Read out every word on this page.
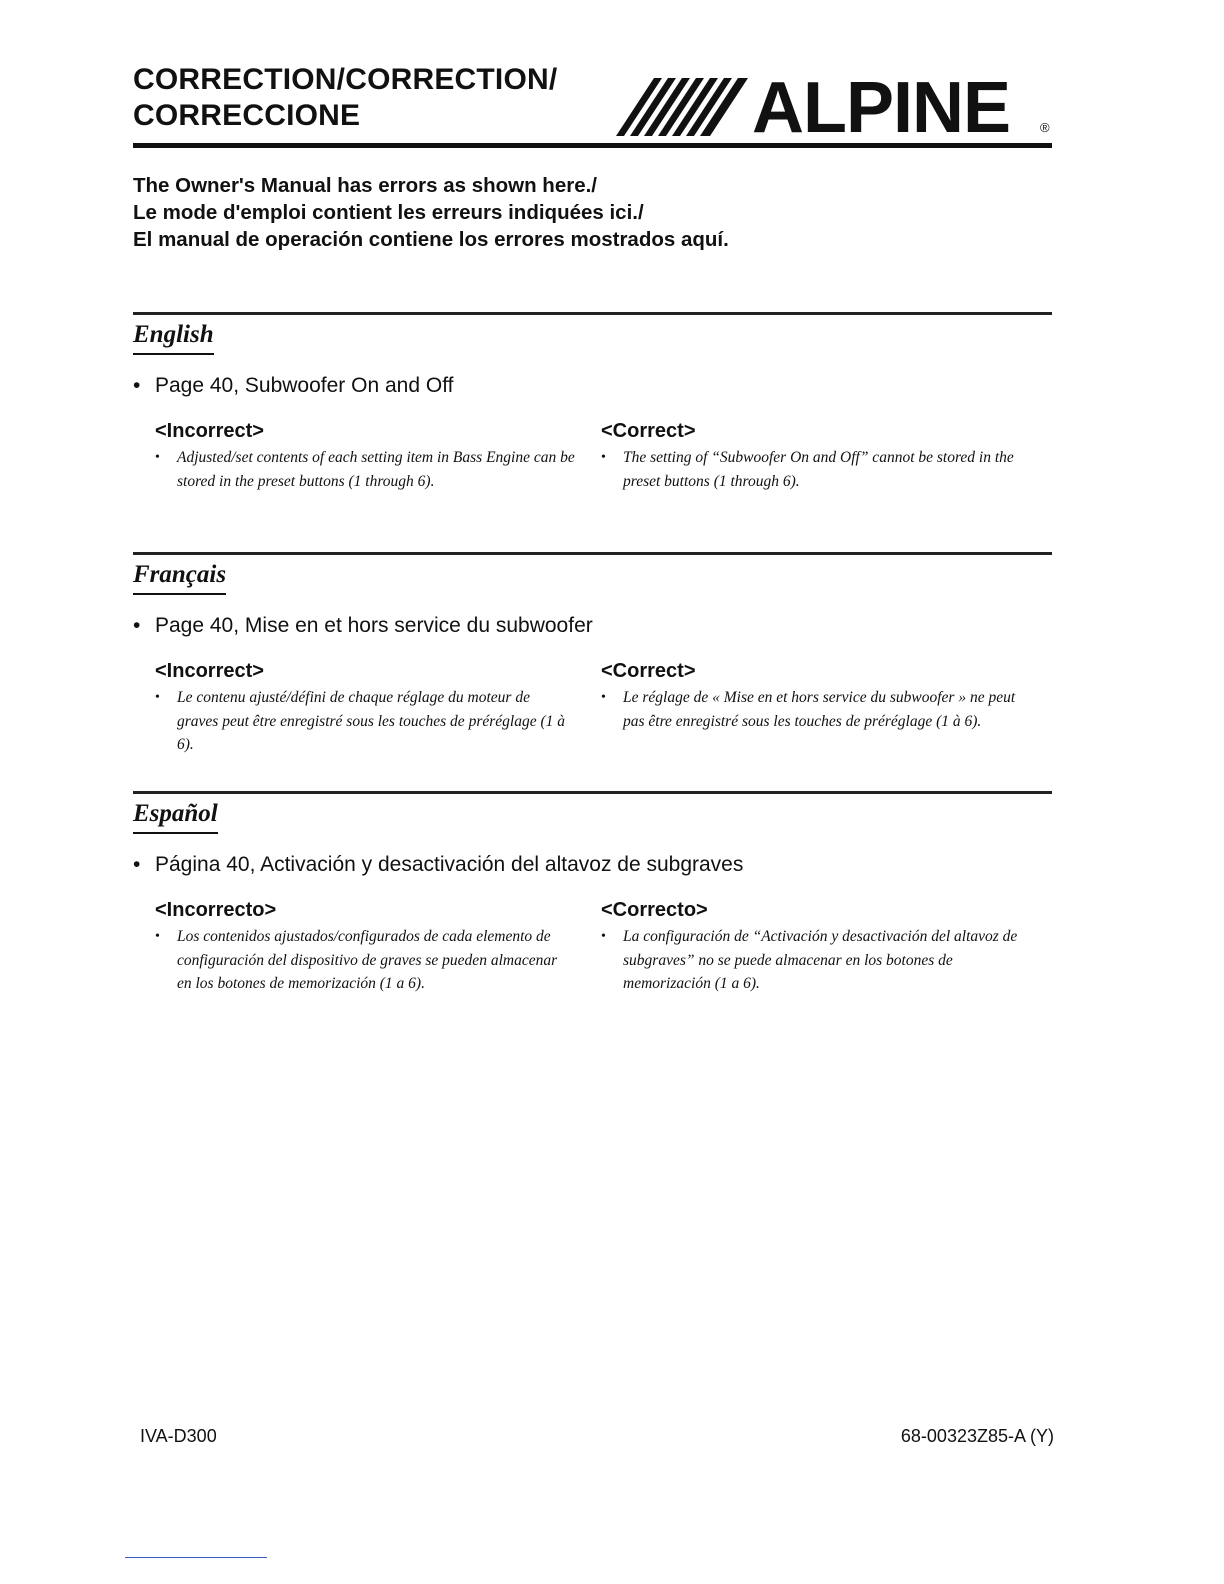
CORRECTION/CORRECTION/
CORRECCIONE	ALPINE ®
The Owner's Manual has errors as shown here./
Le mode d'emploi contient les erreurs indiquées ici./
El manual de operación contiene los errores mostrados aquí.
English
• Page 40, Subwoofer On and Off
<Incorrect>
• Adjusted/set contents of each setting item in Bass Engine can be stored in the preset buttons (1 through 6).
<Correct>
• The setting of “Subwoofer On and Off” cannot be stored in the preset buttons (1 through 6).
Français
• Page 40, Mise en et hors service du subwoofer
<Incorrect>
• Le contenu ajusté/défini de chaque réglage du moteur de graves peut être enregistré sous les touches de préréglage (1 à 6).
<Correct>
• Le réglage de « Mise en et hors service du subwoofer » ne peut pas être enregistré sous les touches de préréglage (1 à 6).
Español
• Página 40, Activación y desactivación del altavoz de subgraves
<Incorrecto>
• Los contenidos ajustados/configurados de cada elemento de configuración del dispositivo de graves se pueden almacenar en los botones de memorización (1 a 6).
<Correcto>
• La configuración de “Activación y desactivación del altavoz de subgraves” no se puede almacenar en los botones de memorización (1 a 6).
IVA-D300	68-00323Z85-A (Y)
